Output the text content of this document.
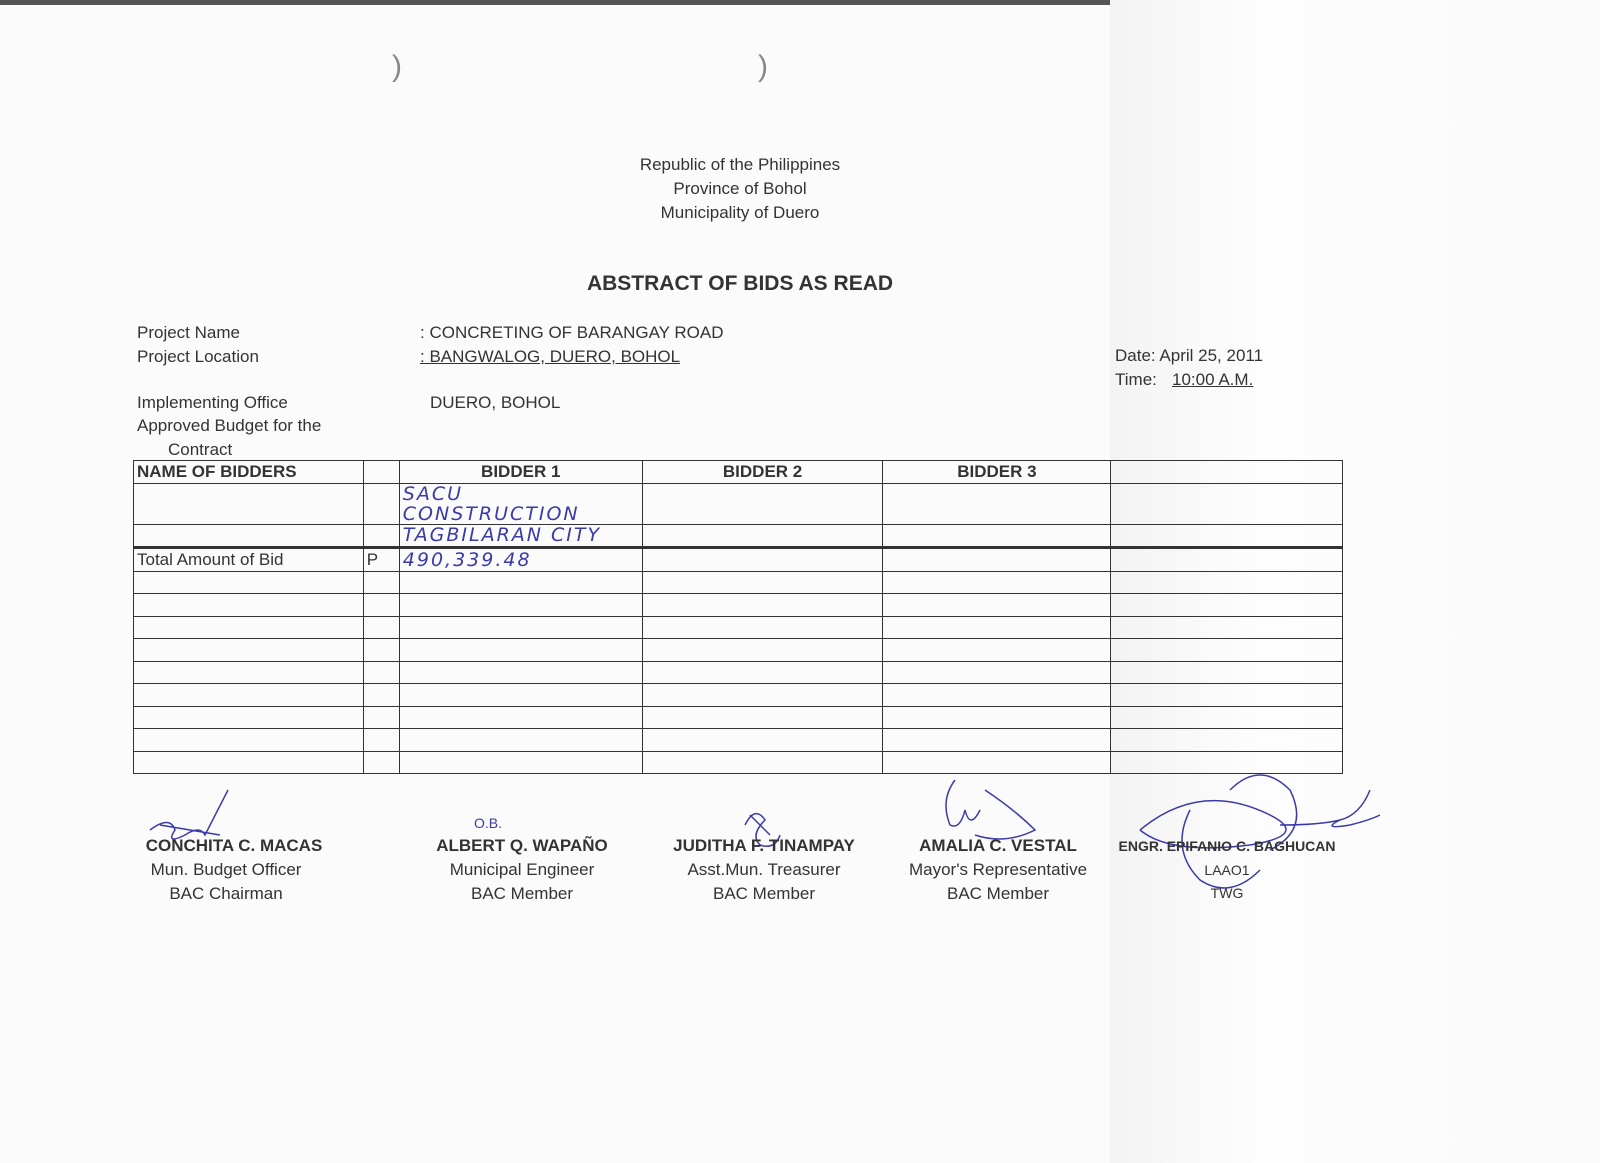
)	)
Republic of the Philippines
Province of Bohol
Municipality of Duero
ABSTRACT OF BIDS AS READ
Project Name	: CONCRETING OF BARANGAY ROAD
Project Location	: BANGWALOG, DUERO, BOHOL
Implementing Office	DUERO, BOHOL
Approved Budget for the
Contract
Date: April 25, 2011
Time: 10:00 A.M.
NAME OF BIDDERS		BIDDER 1	BIDDER 2	BIDDER 3	
		SACU CONSTRUCTION			
		TAGBILARAN CITY			
Total Amount of Bid	P	490,339.48			

O.B.
CONCHITA C. MACAS
Mun. Budget Officer
BAC Chairman
ALBERT Q. WAPAÑO
Municipal Engineer
BAC Member
JUDITHA F. TINAMPAY
Asst.Mun. Treasurer
BAC Member
AMALIA C. VESTAL
Mayor's Representative
BAC Member
ENGR. EPIFANIO C. BAGHUCAN
LAAO1
TWG
